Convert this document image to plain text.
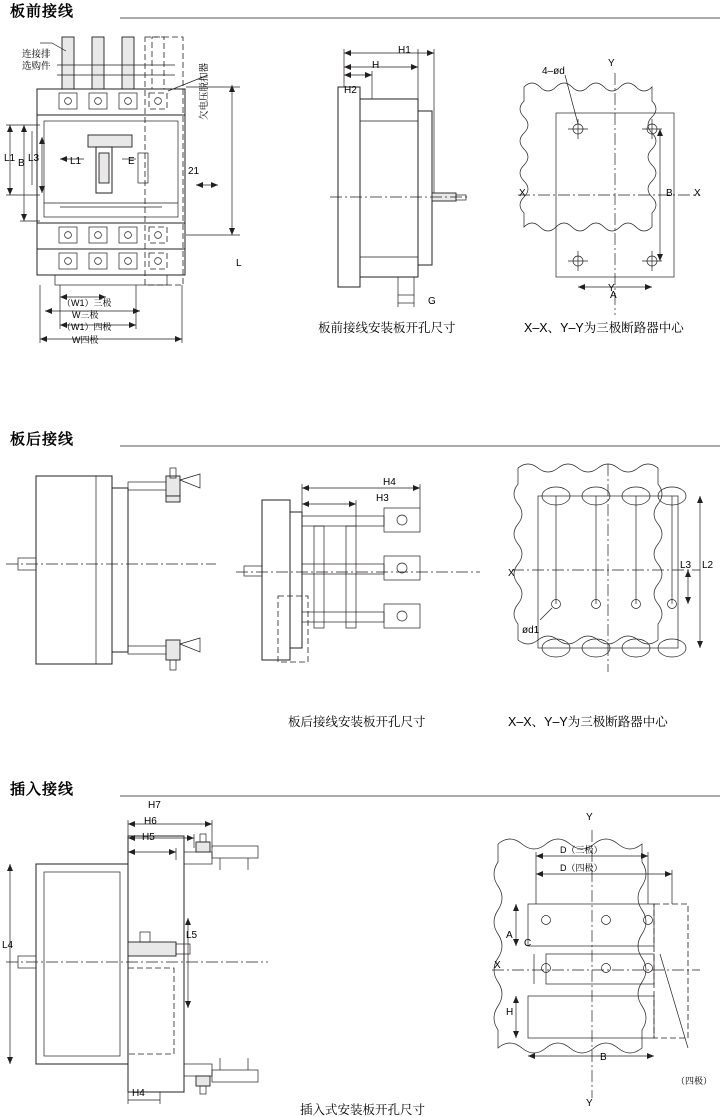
板前接线
连接排
选购件
L1 B L3	L1	E
L
21
欠电压脱扣器
（W1）三极
W三极
（W1）四极
W四极
H1
H
H2
G
4–ød
Y
Y
X	X
B
A
板前接线安装板开孔尺寸	X–X、Y–Y为三极断路器中心
板后接线
H4
H3
X
L3 L2
ød1
板后接线安装板开孔尺寸	X–X、Y–Y为三极断路器中心
插入接线
H7
H6
H5
H4
L4
L5
Y
Y
X
D（三极）
D（四极）
A
C
H
B
（四极）
插入式安装板开孔尺寸
